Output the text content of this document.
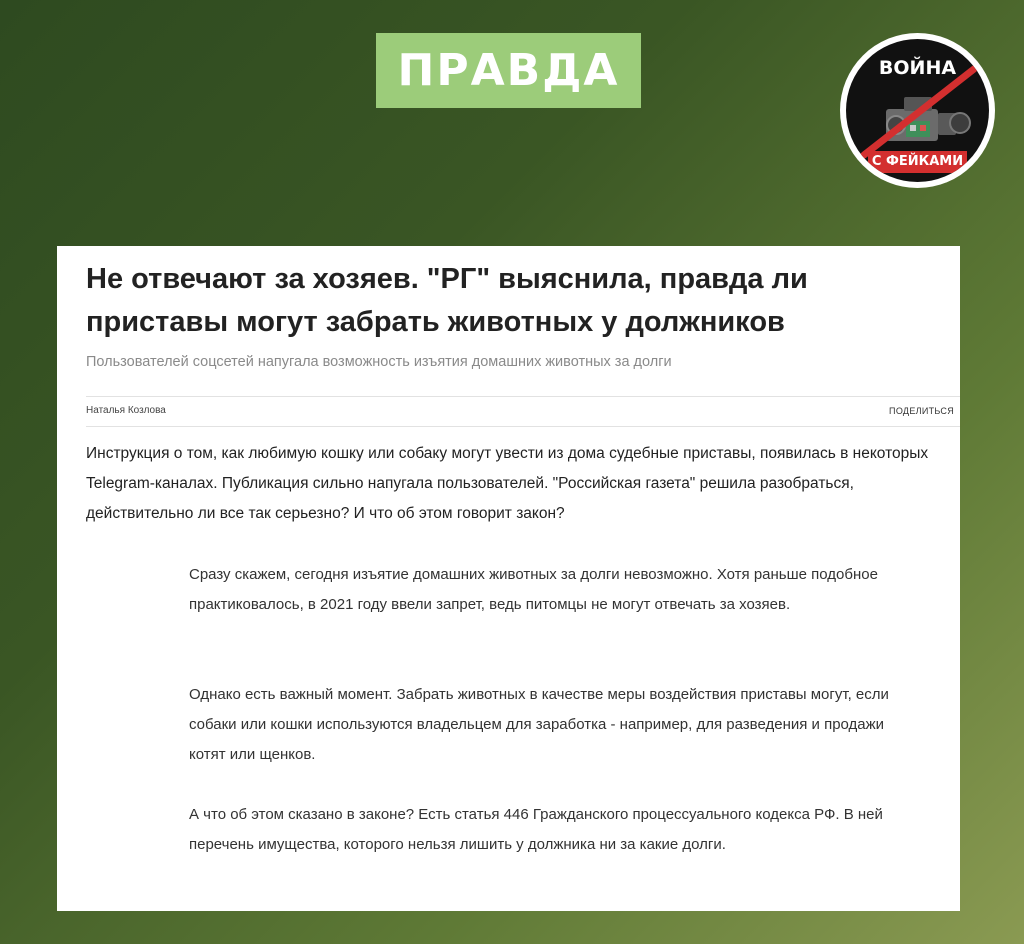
ПРАВДА	ВОЙНА
С ФЕЙКАМИ
Не отвечают за хозяев. "РГ" выяснила, правда ли приставы могут забрать животных у должников
Пользователей соцсетей напугала возможность изъятия домашних животных за долги
Наталья Козлова	ПОДЕЛИТЬСЯ
Инструкция о том, как любимую кошку или собаку могут увести из дома судебные приставы, появилась в некоторых Telegram-каналах. Публикация сильно напугала пользователей. "Российская газета" решила разобраться, действительно ли все так серьезно? И что об этом говорит закон?
Сразу скажем, сегодня изъятие домашних животных за долги невозможно. Хотя раньше подобное практиковалось, в 2021 году ввели запрет, ведь питомцы не могут отвечать за хозяев.
Однако есть важный момент. Забрать животных в качестве меры воздействия приставы могут, если собаки или кошки используются владельцем для заработка - например, для разведения и продажи котят или щенков.
А что об этом сказано в законе? Есть статья 446 Гражданского процессуального кодекса РФ. В ней перечень имущества, которого нельзя лишить у должника ни за какие долги.
